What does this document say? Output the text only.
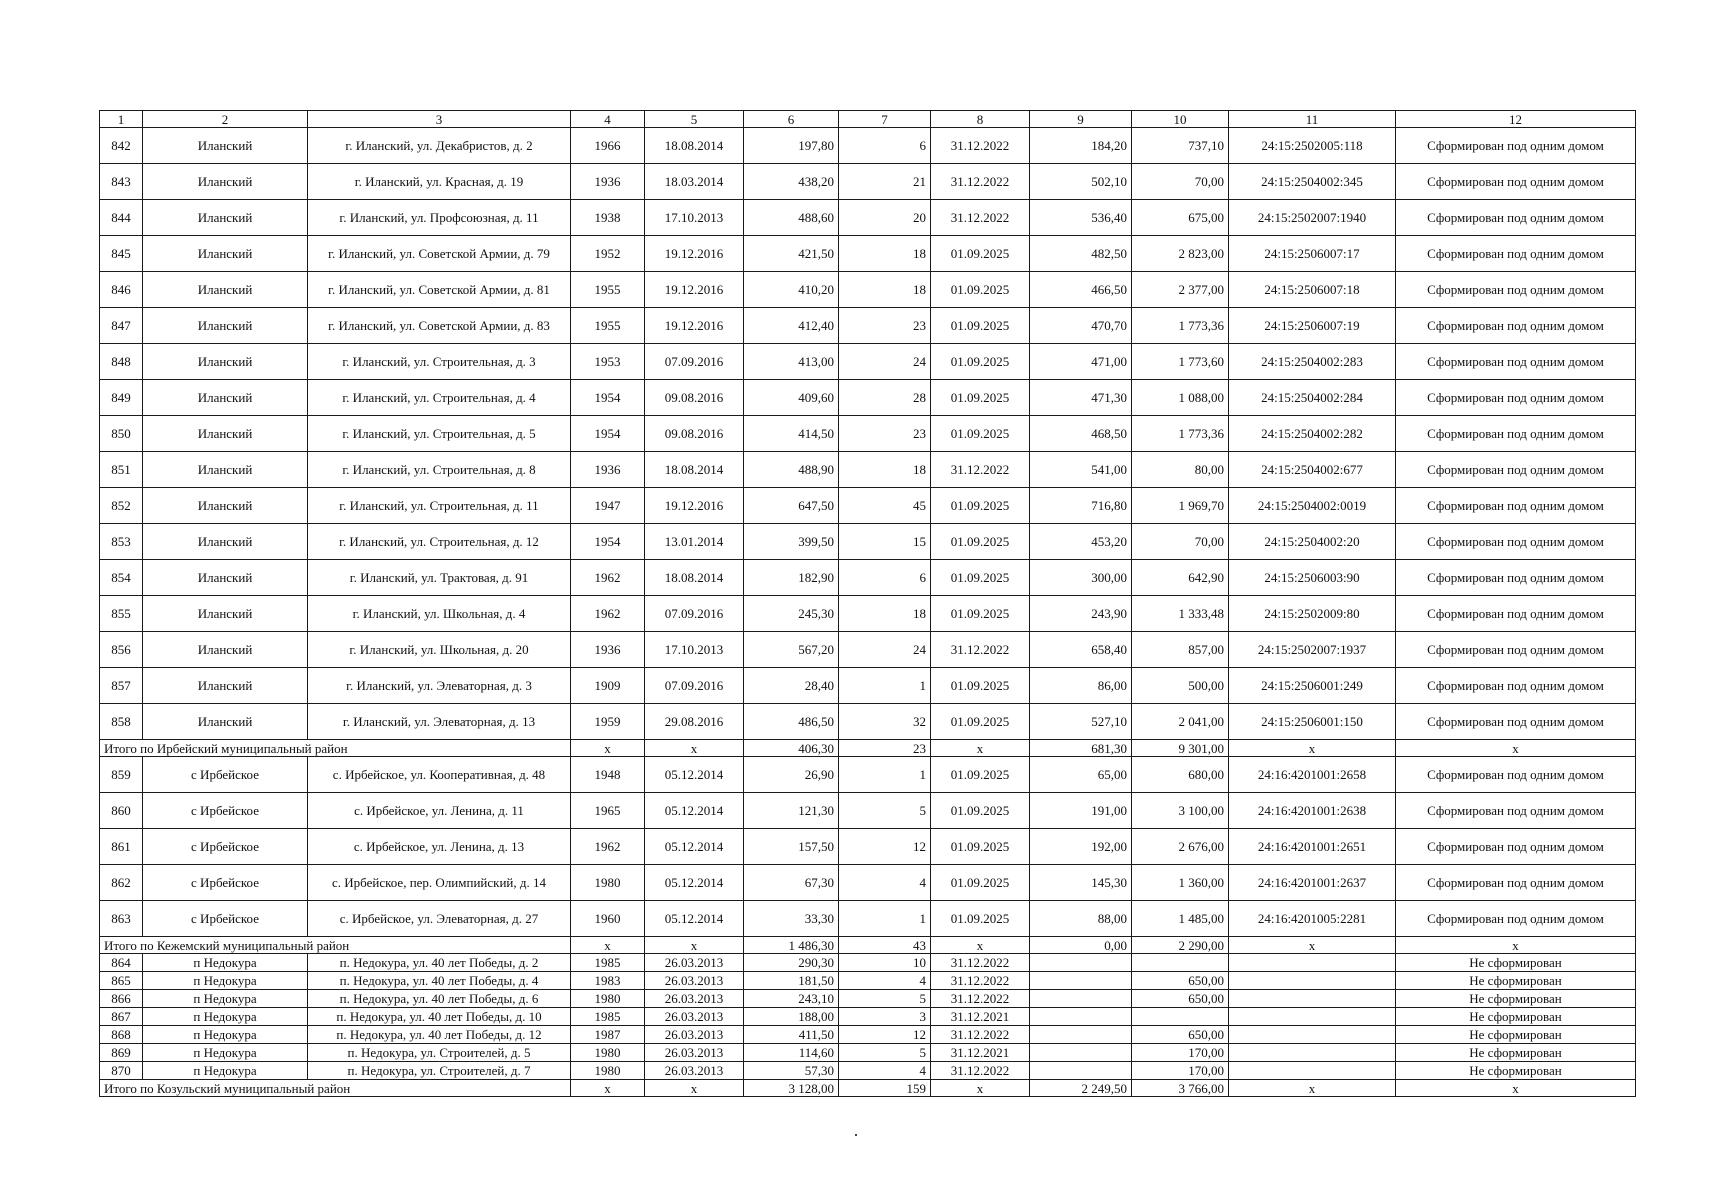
1	2	3	4	5	6	7	8	9	10	11	12
842	Иланский	г. Иланский, ул. Декабристов, д. 2	1966	18.08.2014	197,80	6	31.12.2022	184,20	737,10	24:15:2502005:118	Сформирован под одним домом
843	Иланский	г. Иланский, ул. Красная, д. 19	1936	18.03.2014	438,20	21	31.12.2022	502,10	70,00	24:15:2504002:345	Сформирован под одним домом
844	Иланский	г. Иланский, ул. Профсоюзная, д. 11	1938	17.10.2013	488,60	20	31.12.2022	536,40	675,00	24:15:2502007:1940	Сформирован под одним домом
845	Иланский	г. Иланский, ул. Советской Армии, д. 79	1952	19.12.2016	421,50	18	01.09.2025	482,50	2 823,00	24:15:2506007:17	Сформирован под одним домом
846	Иланский	г. Иланский, ул. Советской Армии, д. 81	1955	19.12.2016	410,20	18	01.09.2025	466,50	2 377,00	24:15:2506007:18	Сформирован под одним домом
847	Иланский	г. Иланский, ул. Советской Армии, д. 83	1955	19.12.2016	412,40	23	01.09.2025	470,70	1 773,36	24:15:2506007:19	Сформирован под одним домом
848	Иланский	г. Иланский, ул. Строительная, д. 3	1953	07.09.2016	413,00	24	01.09.2025	471,00	1 773,60	24:15:2504002:283	Сформирован под одним домом
849	Иланский	г. Иланский, ул. Строительная, д. 4	1954	09.08.2016	409,60	28	01.09.2025	471,30	1 088,00	24:15:2504002:284	Сформирован под одним домом
850	Иланский	г. Иланский, ул. Строительная, д. 5	1954	09.08.2016	414,50	23	01.09.2025	468,50	1 773,36	24:15:2504002:282	Сформирован под одним домом
851	Иланский	г. Иланский, ул. Строительная, д. 8	1936	18.08.2014	488,90	18	31.12.2022	541,00	80,00	24:15:2504002:677	Сформирован под одним домом
852	Иланский	г. Иланский, ул. Строительная, д. 11	1947	19.12.2016	647,50	45	01.09.2025	716,80	1 969,70	24:15:2504002:0019	Сформирован под одним домом
853	Иланский	г. Иланский, ул. Строительная, д. 12	1954	13.01.2014	399,50	15	01.09.2025	453,20	70,00	24:15:2504002:20	Сформирован под одним домом
854	Иланский	г. Иланский, ул. Трактовая, д. 91	1962	18.08.2014	182,90	6	01.09.2025	300,00	642,90	24:15:2506003:90	Сформирован под одним домом
855	Иланский	г. Иланский, ул. Школьная, д. 4	1962	07.09.2016	245,30	18	01.09.2025	243,90	1 333,48	24:15:2502009:80	Сформирован под одним домом
856	Иланский	г. Иланский, ул. Школьная, д. 20	1936	17.10.2013	567,20	24	31.12.2022	658,40	857,00	24:15:2502007:1937	Сформирован под одним домом
857	Иланский	г. Иланский, ул. Элеваторная, д. 3	1909	07.09.2016	28,40	1	01.09.2025	86,00	500,00	24:15:2506001:249	Сформирован под одним домом
858	Иланский	г. Иланский, ул. Элеваторная, д. 13	1959	29.08.2016	486,50	32	01.09.2025	527,10	2 041,00	24:15:2506001:150	Сформирован под одним домом
Итого по Ирбейский муниципальный район			x	x	406,30	23	x	681,30	9 301,00	x	x
859	с Ирбейское	с. Ирбейское, ул. Кооперативная, д. 48	1948	05.12.2014	26,90	1	01.09.2025	65,00	680,00	24:16:4201001:2658	Сформирован под одним домом
860	с Ирбейское	с. Ирбейское, ул. Ленина, д. 11	1965	05.12.2014	121,30	5	01.09.2025	191,00	3 100,00	24:16:4201001:2638	Сформирован под одним домом
861	с Ирбейское	с. Ирбейское, ул. Ленина, д. 13	1962	05.12.2014	157,50	12	01.09.2025	192,00	2 676,00	24:16:4201001:2651	Сформирован под одним домом
862	с Ирбейское	с. Ирбейское, пер. Олимпийский, д. 14	1980	05.12.2014	67,30	4	01.09.2025	145,30	1 360,00	24:16:4201001:2637	Сформирован под одним домом
863	с Ирбейское	с. Ирбейское, ул. Элеваторная, д. 27	1960	05.12.2014	33,30	1	01.09.2025	88,00	1 485,00	24:16:4201005:2281	Сформирован под одним домом
Итого по Кежемский муниципальный район			x	x	1 486,30	43	x	0,00	2 290,00	x	x
864	п Недокура	п. Недокура, ул. 40 лет Победы, д. 2	1985	26.03.2013	290,30	10	31.12.2022				Не сформирован
865	п Недокура	п. Недокура, ул. 40 лет Победы, д. 4	1983	26.03.2013	181,50	4	31.12.2022		650,00		Не сформирован
866	п Недокура	п. Недокура, ул. 40 лет Победы, д. 6	1980	26.03.2013	243,10	5	31.12.2022		650,00		Не сформирован
867	п Недокура	п. Недокура, ул. 40 лет Победы, д. 10	1985	26.03.2013	188,00	3	31.12.2021				Не сформирован
868	п Недокура	п. Недокура, ул. 40 лет Победы, д. 12	1987	26.03.2013	411,50	12	31.12.2022		650,00		Не сформирован
869	п Недокура	п. Недокура, ул. Строителей, д. 5	1980	26.03.2013	114,60	5	31.12.2021		170,00		Не сформирован
870	п Недокура	п. Недокура, ул. Строителей, д. 7	1980	26.03.2013	57,30	4	31.12.2022		170,00		Не сформирован
Итого по Козульский муниципальный район			x	x	3 128,00	159	x	2 249,50	3 766,00	x	x
